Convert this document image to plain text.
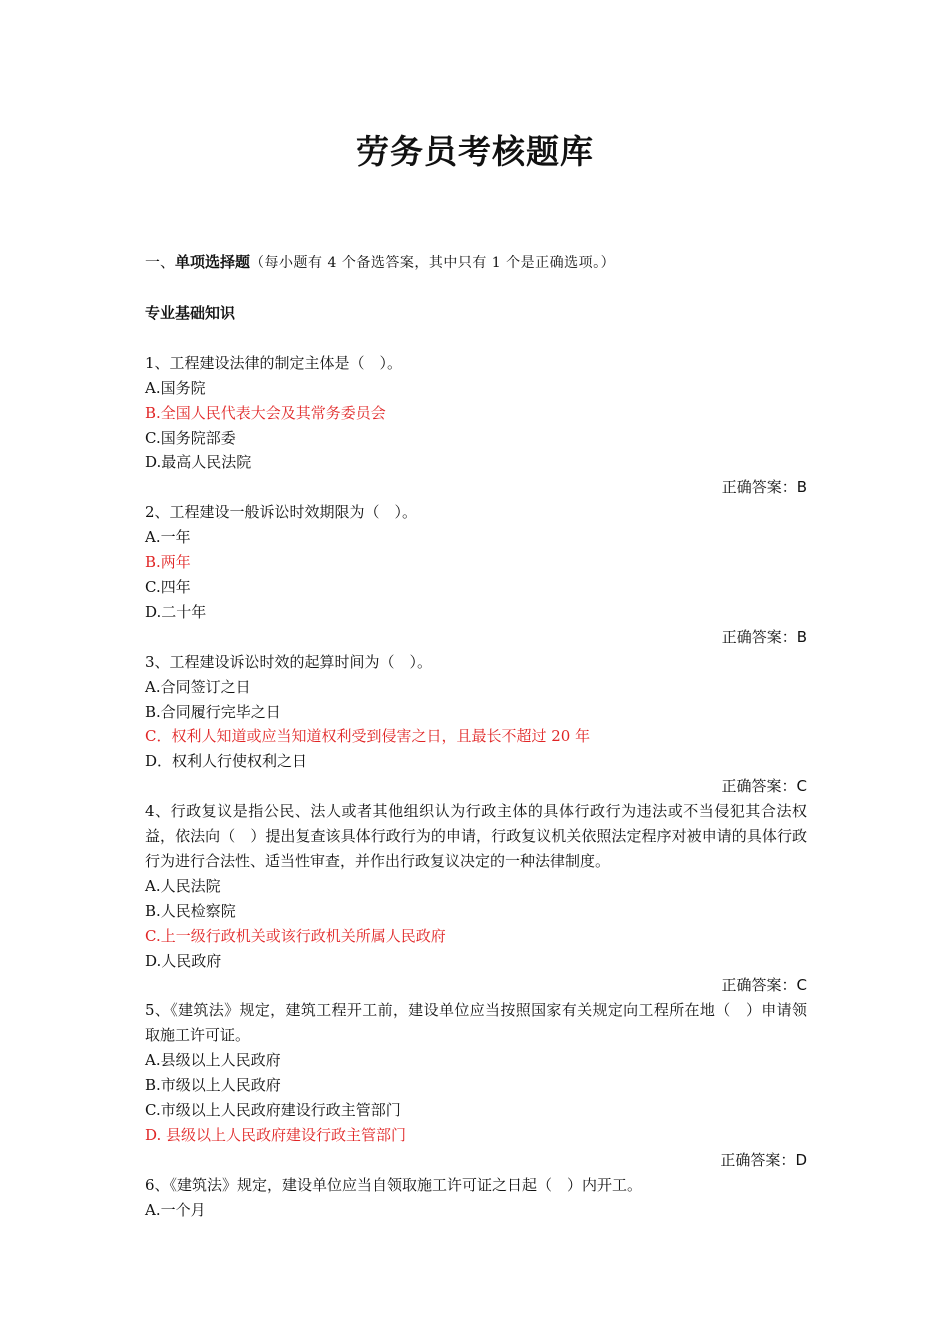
劳务员考核题库

一、单项选择题（每小题有 4 个备选答案，其中只有 1 个是正确选项。）

专业基础知识

1、工程建设法律的制定主体是（　）。

A.国务院

B.全国人民代表大会及其常务委员会

C.国务院部委

D.最高人民法院

正确答案：B

2、工程建设一般诉讼时效期限为（　）。

A.一年

B.两年

C.四年

D.二十年

正确答案：B

3、工程建设诉讼时效的起算时间为（　）。

A.合同签订之日

B.合同履行完毕之日

C．权利人知道或应当知道权利受到侵害之日，且最长不超过 20 年

D．权利人行使权利之日

正确答案：C

4、行政复议是指公民、法人或者其他组织认为行政主体的具体行政行为违法或不当侵犯其合法权益，依法向（　）提出复查该具体行政行为的申请，行政复议机关依照法定程序对被申请的具体行政行为进行合法性、适当性审查，并作出行政复议决定的一种法律制度。

A.人民法院

B.人民检察院

C.上一级行政机关或该行政机关所属人民政府

D.人民政府

正确答案：C

5、《建筑法》规定，建筑工程开工前，建设单位应当按照国家有关规定向工程所在地（　）申请领取施工许可证。

A.县级以上人民政府

B.市级以上人民政府

C.市级以上人民政府建设行政主管部门

D. 县级以上人民政府建设行政主管部门

正确答案：D

6、《建筑法》规定，建设单位应当自领取施工许可证之日起（　）内开工。

A.一个月
